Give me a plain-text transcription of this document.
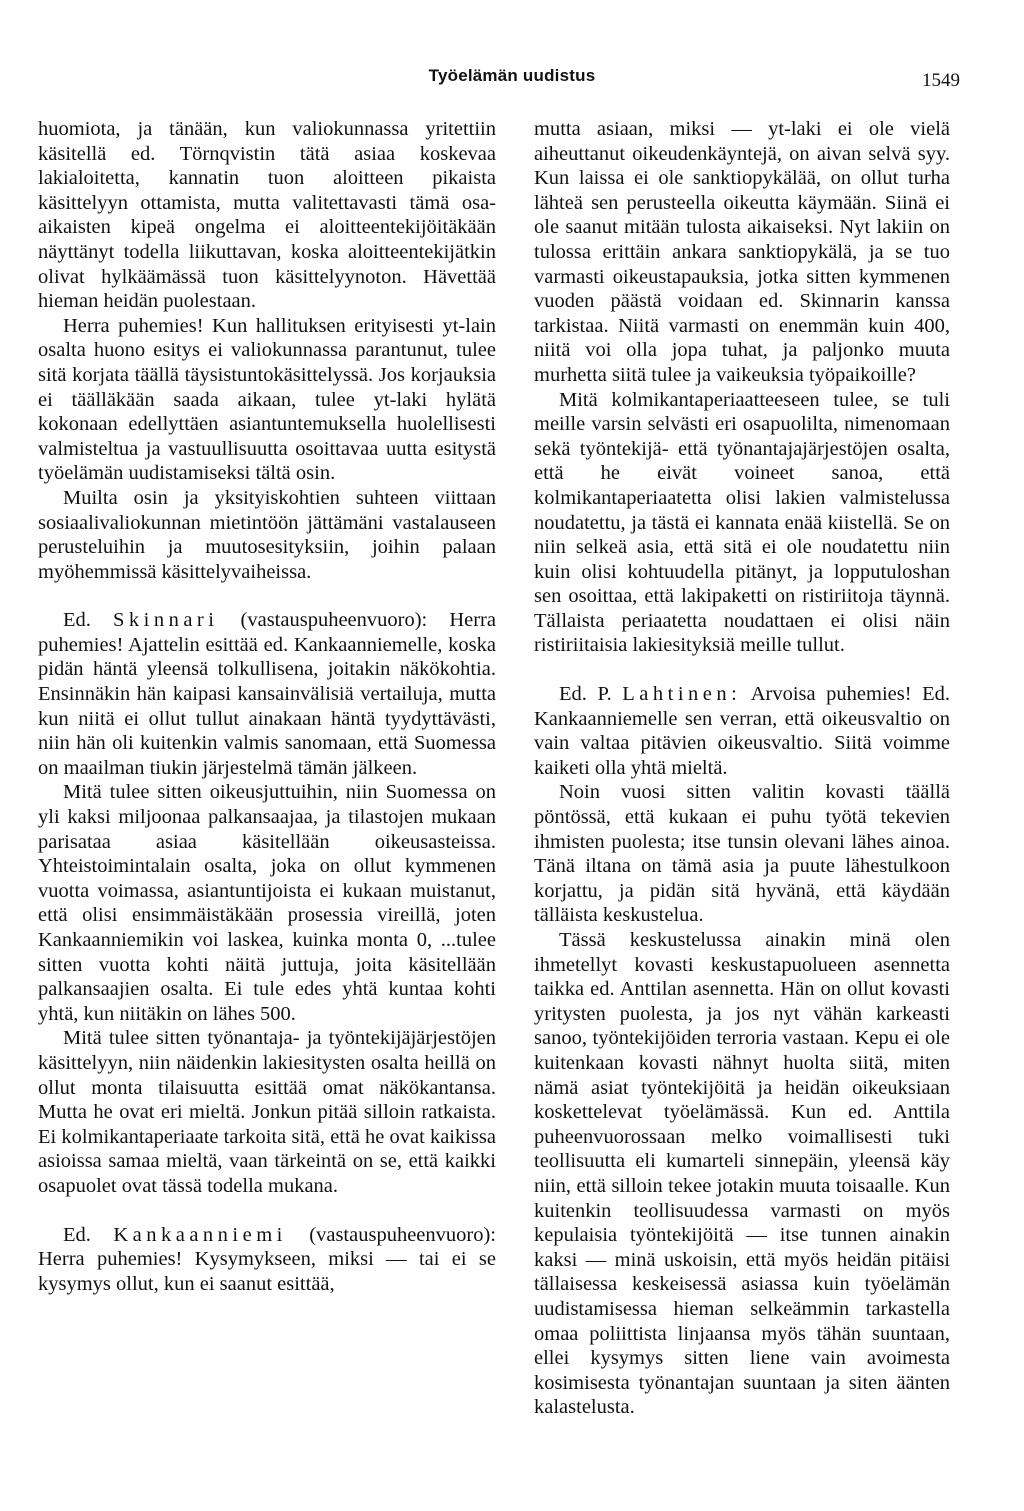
Työelämän uudistus	1549

huomiota, ja tänään, kun valiokunnassa yritettiin käsitellä ed. Törnqvistin tätä asiaa koskevaa lakialoitetta, kannatin tuon aloitteen pikaista käsittelyyn ottamista, mutta valitettavasti tämä osa-aikaisten kipeä ongelma ei aloitteentekijöitäkään näyttänyt todella liikuttavan, koska aloitteentekijätkin olivat hylkäämässä tuon käsittelyynoton. Hävettää hieman heidän puolestaan.

Herra puhemies! Kun hallituksen erityisesti yt-lain osalta huono esitys ei valiokunnassa parantunut, tulee sitä korjata täällä täysistuntokäsittelyssä. Jos korjauksia ei täälläkään saada aikaan, tulee yt-laki hylätä kokonaan edellyttäen asiantuntemuksella huolellisesti valmisteltua ja vastuullisuutta osoittavaa uutta esitystä työelämän uudistamiseksi tältä osin.

Muilta osin ja yksityiskohtien suhteen viittaan sosiaalivaliokunnan mietintöön jättämäni vastalauseen perusteluihin ja muutosesityksiin, joihin palaan myöhemmissä käsittelyvaiheissa.

Ed. Skinnari (vastauspuheenvuoro): Herra puhemies! Ajattelin esittää ed. Kankaanniemelle, koska pidän häntä yleensä tolkullisena, joitakin näkökohtia. Ensinnäkin hän kaipasi kansainvälisiä vertailuja, mutta kun niitä ei ollut tullut ainakaan häntä tyydyttävästi, niin hän oli kuitenkin valmis sanomaan, että Suomessa on maailman tiukin järjestelmä tämän jälkeen.

Mitä tulee sitten oikeusjuttuihin, niin Suomessa on yli kaksi miljoonaa palkansaajaa, ja tilastojen mukaan parisataa asiaa käsitellään oikeusasteissa. Yhteistoimintalain osalta, joka on ollut kymmenen vuotta voimassa, asiantuntijoista ei kukaan muistanut, että olisi ensimmäistäkään prosessia vireillä, joten Kankaanniemikin voi laskea, kuinka monta 0, ...tulee sitten vuotta kohti näitä juttuja, joita käsitellään palkansaajien osalta. Ei tule edes yhtä kuntaa kohti yhtä, kun niitäkin on lähes 500.

Mitä tulee sitten työnantaja- ja työntekijäjärjestöjen käsittelyyn, niin näidenkin lakiesitysten osalta heillä on ollut monta tilaisuutta esittää omat näkökantansa. Mutta he ovat eri mieltä. Jonkun pitää silloin ratkaista. Ei kolmikantaperiaate tarkoita sitä, että he ovat kaikissa asioissa samaa mieltä, vaan tärkeintä on se, että kaikki osapuolet ovat tässä todella mukana.

Ed. Kankaanniemi (vastauspuheenvuoro): Herra puhemies! Kysymykseen, miksi — tai ei se kysymys ollut, kun ei saanut esittää,

mutta asiaan, miksi — yt-laki ei ole vielä aiheuttanut oikeudenkäyntejä, on aivan selvä syy. Kun laissa ei ole sanktiopykälää, on ollut turha lähteä sen perusteella oikeutta käymään. Siinä ei ole saanut mitään tulosta aikaiseksi. Nyt lakiin on tulossa erittäin ankara sanktiopykälä, ja se tuo varmasti oikeustapauksia, jotka sitten kymmenen vuoden päästä voidaan ed. Skinnarin kanssa tarkistaa. Niitä varmasti on enemmän kuin 400, niitä voi olla jopa tuhat, ja paljonko muuta murhetta siitä tulee ja vaikeuksia työpaikoille?

Mitä kolmikantaperiaatteeseen tulee, se tuli meille varsin selvästi eri osapuolilta, nimenomaan sekä työntekijä- että työnantajajärjestöjen osalta, että he eivät voineet sanoa, että kolmikantaperiaatetta olisi lakien valmistelussa noudatettu, ja tästä ei kannata enää kiistellä. Se on niin selkeä asia, että sitä ei ole noudatettu niin kuin olisi kohtuudella pitänyt, ja lopputuloshan sen osoittaa, että lakipaketti on ristiriitoja täynnä. Tällaista periaatetta noudattaen ei olisi näin ristiriitaisia lakiesityksiä meille tullut.

Ed. P. Lahtinen: Arvoisa puhemies! Ed. Kankaanniemelle sen verran, että oikeusvaltio on vain valtaa pitävien oikeusvaltio. Siitä voimme kaiketi olla yhtä mieltä.

Noin vuosi sitten valitin kovasti täällä pöntössä, että kukaan ei puhu työtä tekevien ihmisten puolesta; itse tunsin olevani lähes ainoa. Tänä iltana on tämä asia ja puute lähestulkoon korjattu, ja pidän sitä hyvänä, että käydään tälläista keskustelua.

Tässä keskustelussa ainakin minä olen ihmetellyt kovasti keskustapuolueen asennetta taikka ed. Anttilan asennetta. Hän on ollut kovasti yritysten puolesta, ja jos nyt vähän karkeasti sanoo, työntekijöiden terroria vastaan. Kepu ei ole kuitenkaan kovasti nähnyt huolta siitä, miten nämä asiat työntekijöitä ja heidän oikeuksiaan koskettelevat työelämässä. Kun ed. Anttila puheenvuorossaan melko voimallisesti tuki teollisuutta eli kumarteli sinnepäin, yleensä käy niin, että silloin tekee jotakin muuta toisaalle. Kun kuitenkin teollisuudessa varmasti on myös kepulaisia työntekijöitä — itse tunnen ainakin kaksi — minä uskoisin, että myös heidän pitäisi tällaisessa keskeisessä asiassa kuin työelämän uudistamisessa hieman selkeämmin tarkastella omaa poliittista linjaansa myös tähän suuntaan, ellei kysymys sitten liene vain avoimesta kosimisesta työnantajan suuntaan ja siten äänten kalastelusta.
